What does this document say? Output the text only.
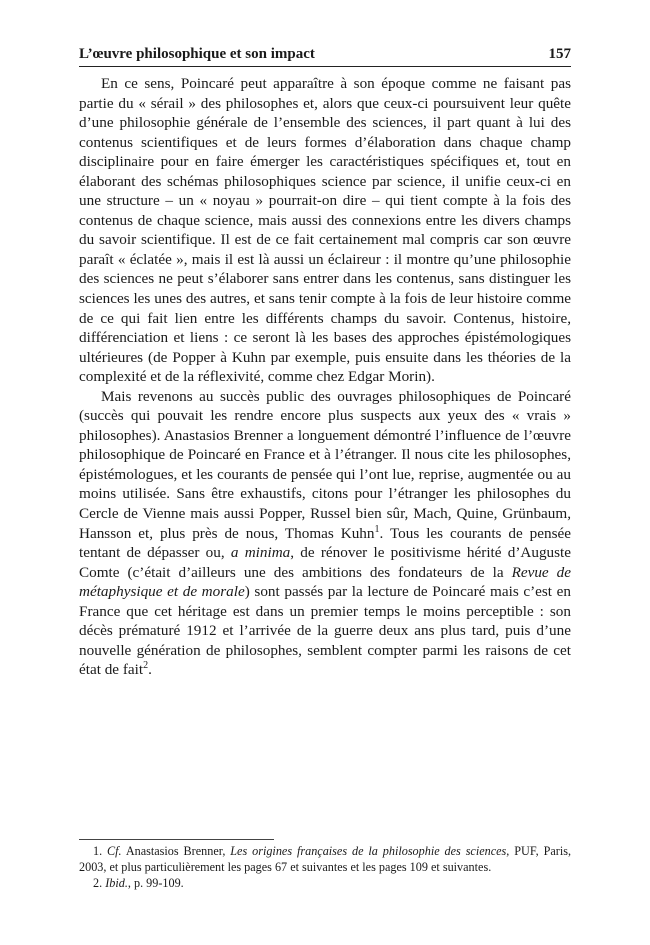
L’œuvre philosophique et son impact	157

En ce sens, Poincaré peut apparaître à son époque comme ne faisant pas partie du « sérail » des philosophes et, alors que ceux-ci poursuivent leur quête d’une philosophie générale de l’ensemble des sciences, il part quant à lui des contenus scientifiques et de leurs formes d’élaboration dans chaque champ disciplinaire pour en faire émerger les caractéristiques spécifiques et, tout en élaborant des schémas philosophiques science par science, il unifie ceux-ci en une structure – un « noyau » pourrait-on dire – qui tient compte à la fois des contenus de chaque science, mais aussi des connexions entre les divers champs du savoir scientifique. Il est de ce fait certainement mal compris car son œuvre paraît « éclatée », mais il est là aussi un éclaireur : il montre qu’une philosophie des sciences ne peut s’élaborer sans entrer dans les contenus, sans distinguer les sciences les unes des autres, et sans tenir compte à la fois de leur histoire comme de ce qui fait lien entre les différents champs du savoir. Contenus, histoire, différenciation et liens : ce seront là les bases des approches épistémologiques ultérieures (de Popper à Kuhn par exemple, puis ensuite dans les théories de la complexité et de la réflexivité, comme chez Edgar Morin).

Mais revenons au succès public des ouvrages philosophiques de Poincaré (succès qui pouvait les rendre encore plus suspects aux yeux des « vrais » philosophes). Anastasios Brenner a longuement démontré l’influence de l’œuvre philosophique de Poincaré en France et à l’étranger. Il nous cite les philosophes, épistémologues, et les courants de pensée qui l’ont lue, reprise, augmentée ou au moins utilisée. Sans être exhaustifs, citons pour l’étranger les philosophes du Cercle de Vienne mais aussi Popper, Russel bien sûr, Mach, Quine, Grünbaum, Hansson et, plus près de nous, Thomas Kuhn$^1$. Tous les courants de pensée tentant de dépasser ou, a minima, de rénover le positivisme hérité d’Auguste Comte (c’était d’ailleurs une des ambitions des fondateurs de la Revue de métaphysique et de morale) sont passés par la lecture de Poincaré mais c’est en France que cet héritage est dans un premier temps le moins perceptible : son décès prématuré 1912 et l’arrivée de la guerre deux ans plus tard, puis d’une nouvelle génération de philosophes, semblent compter parmi les raisons de cet état de fait$^2$.

1. Cf. Anastasios Brenner, Les origines françaises de la philosophie des sciences, PUF, Paris, 2003, et plus particulièrement les pages 67 et suivantes et les pages 109 et suivantes.

2. Ibid., p. 99-109.
